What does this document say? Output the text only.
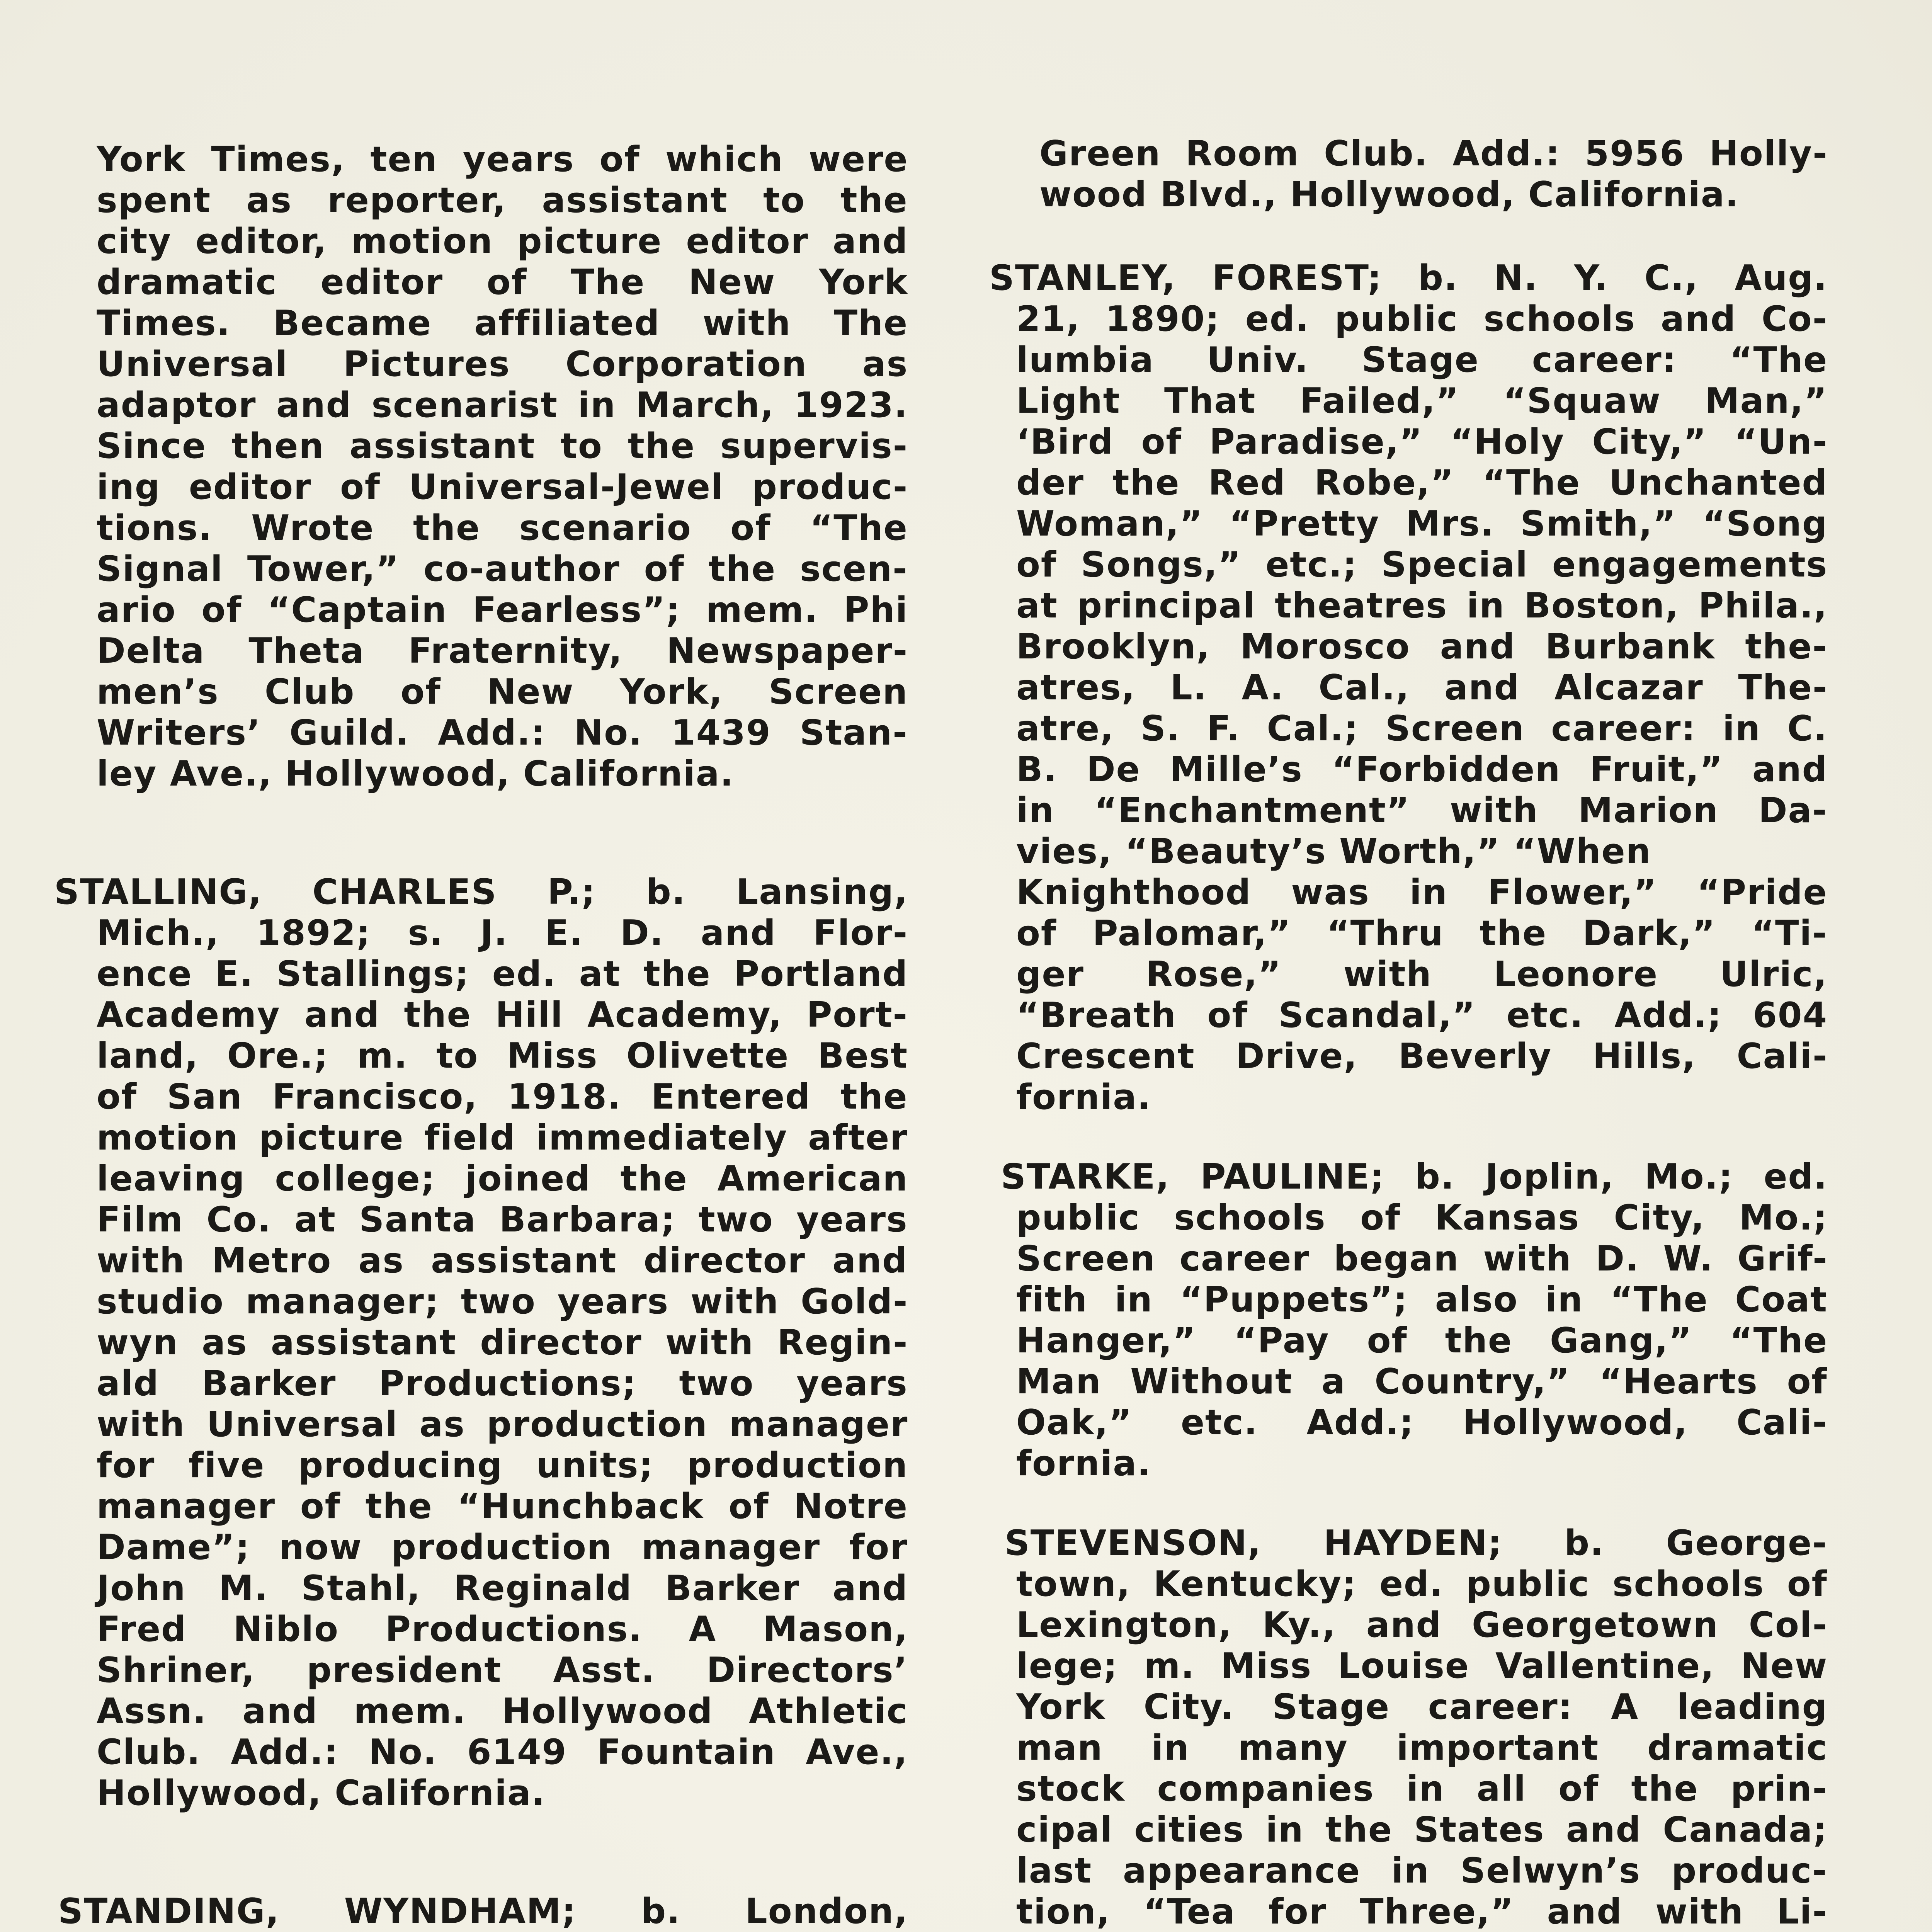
York Times, ten years of which were
spent as reporter, assistant to the
city editor, motion picture editor and
dramatic editor of The New York
Times. Became affiliated with The
Universal Pictures Corporation as
adaptor and scenarist in March, 1923.
Since then assistant to the supervis-
ing editor of Universal-Jewel produc-
tions. Wrote the scenario of “The
Signal Tower,” co-author of the scen-
ario of “Captain Fearless”; mem. Phi
Delta Theta Fraternity, Newspaper-
men’s Club of New York, Screen
Writers’ Guild. Add.: No. 1439 Stan-
ley Ave., Hollywood, California.
STALLING, CHARLES P.; b. Lansing,
Mich., 1892; s. J. E. D. and Flor-
ence E. Stallings; ed. at the Portland
Academy and the Hill Academy, Port-
land, Ore.; m. to Miss Olivette Best
of San Francisco, 1918. Entered the
motion picture field immediately after
leaving college; joined the American
Film Co. at Santa Barbara; two years
with Metro as assistant director and
studio manager; two years with Gold-
wyn as assistant director with Regin-
ald Barker Productions; two years
with Universal as production manager
for five producing units; production
manager of the “Hunchback of Notre
Dame”; now production manager for
John M. Stahl, Reginald Barker and
Fred Niblo Productions. A Mason,
Shriner, president Asst. Directors’
Assn. and mem. Hollywood Athletic
Club. Add.: No. 6149 Fountain Ave.,
Hollywood, California.
STANDING, WYNDHAM; b. London,
Green Room Club. Add.: 5956 Holly-
wood Blvd., Hollywood, California.
STANLEY, FOREST; b. N. Y. C., Aug.
21, 1890; ed. public schools and Co-
lumbia Univ. Stage career: “The
Light That Failed,” “Squaw Man,”
‘Bird of Paradise,” “Holy City,” “Un-
der the Red Robe,” “The Unchanted
Woman,” “Pretty Mrs. Smith,” “Song
of Songs,” etc.; Special engagements
at principal theatres in Boston, Phila.,
Brooklyn, Morosco and Burbank the-
atres, L. A. Cal., and Alcazar The-
atre, S. F. Cal.; Screen career: in C.
B. De Mille’s “Forbidden Fruit,” and
in “Enchantment” with Marion Da-
vies, “Beauty’s Worth,” “When
Knighthood was in Flower,” “Pride
of Palomar,” “Thru the Dark,” “Ti-
ger Rose,” with Leonore Ulric,
“Breath of Scandal,” etc. Add.; 604
Crescent Drive, Beverly Hills, Cali-
fornia.
STARKE, PAULINE; b. Joplin, Mo.; ed.
public schools of Kansas City, Mo.;
Screen career began with D. W. Grif-
fith in “Puppets”; also in “The Coat
Hanger,” “Pay of the Gang,” “The
Man Without a Country,” “Hearts of
Oak,” etc. Add.; Hollywood, Cali-
fornia.
STEVENSON, HAYDEN; b. George-
town, Kentucky; ed. public schools of
Lexington, Ky., and Georgetown Col-
lege; m. Miss Louise Vallentine, New
York City. Stage career: A leading
man in many important dramatic
stock companies in all of the prin-
cipal cities in the States and Canada;
last appearance in Selwyn’s produc-
tion, “Tea for Three,” and with Li-
